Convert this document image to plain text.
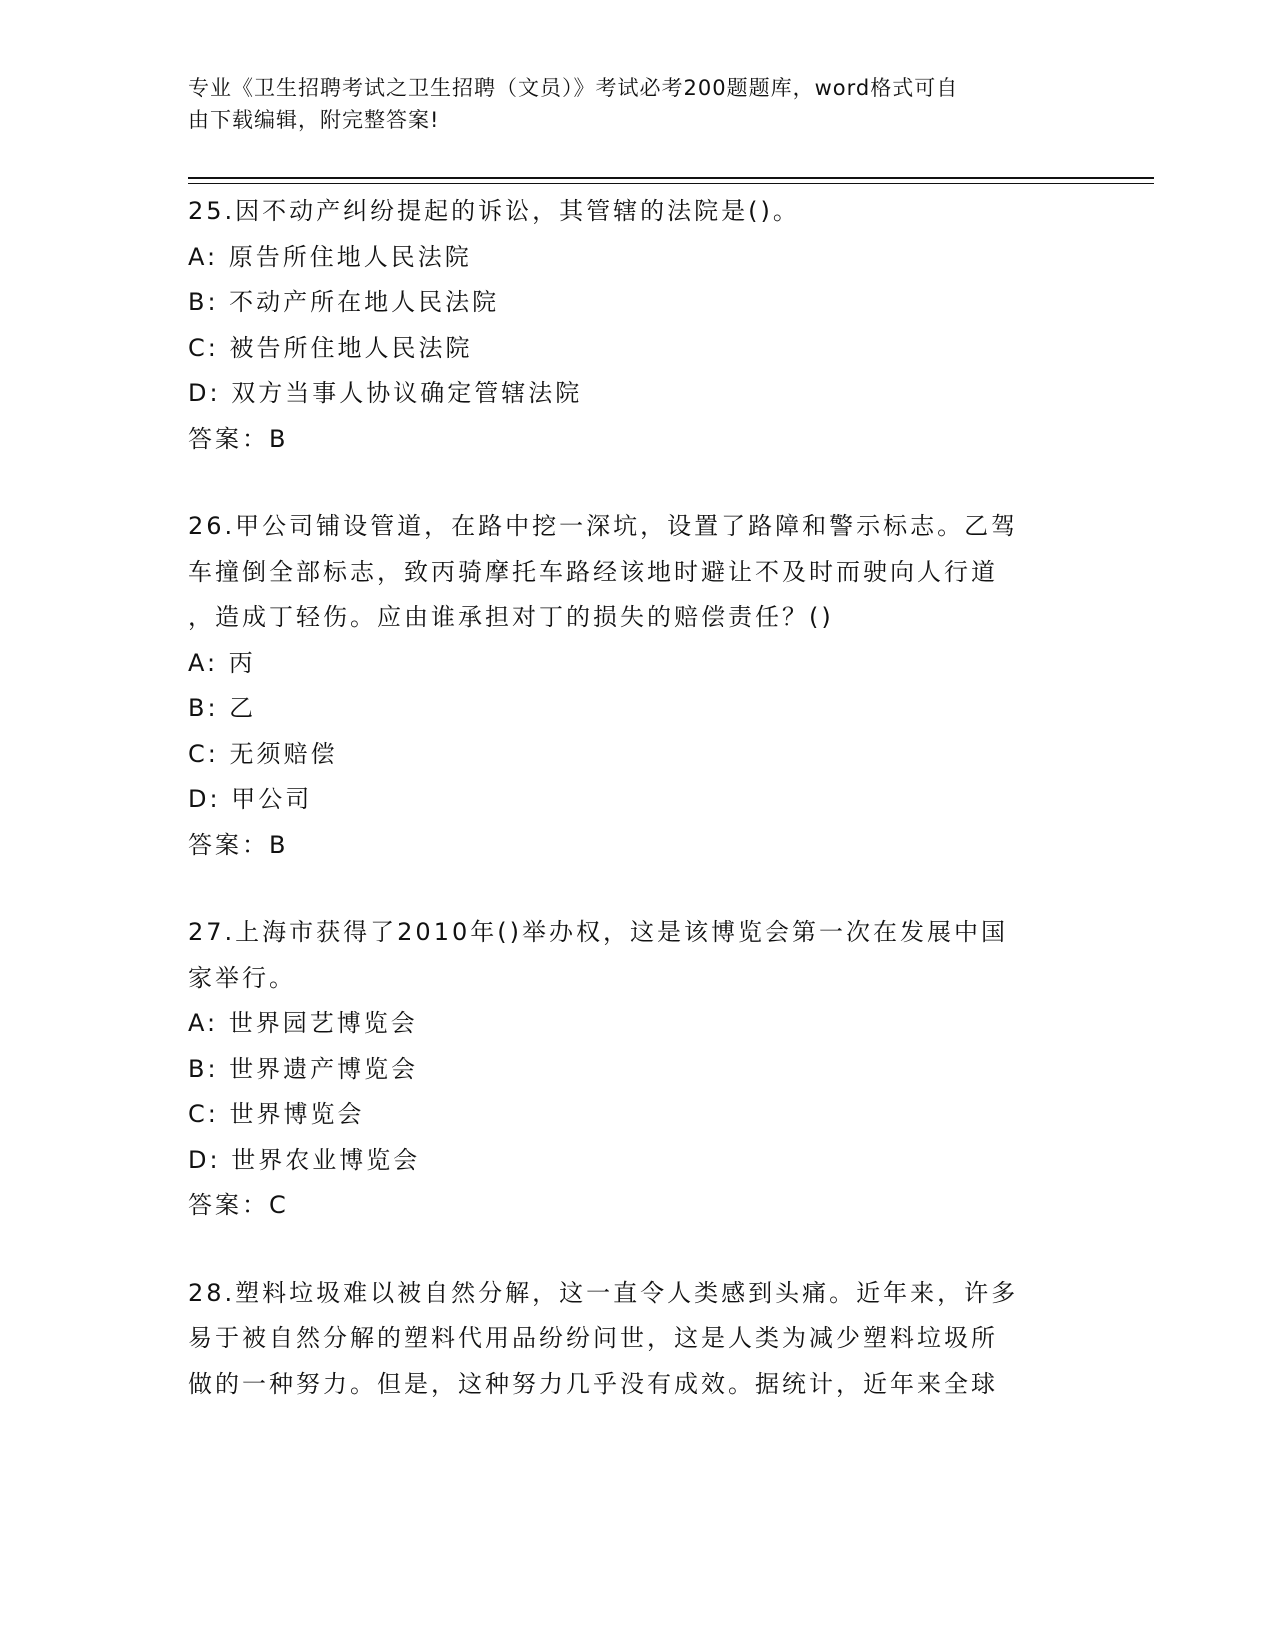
专业《卫生招聘考试之卫生招聘（文员）》考试必考200题题库，word格式可自
由下载编辑，附完整答案!
25.因不动产纠纷提起的诉讼，其管辖的法院是()。
A: 原告所住地人民法院
B: 不动产所在地人民法院
C: 被告所住地人民法院
D: 双方当事人协议确定管辖法院
答案：B
26.甲公司铺设管道，在路中挖一深坑，设置了路障和警示标志。乙驾
车撞倒全部标志，致丙骑摩托车路经该地时避让不及时而驶向人行道
，造成丁轻伤。应由谁承担对丁的损失的赔偿责任？()
A: 丙
B: 乙
C: 无须赔偿
D: 甲公司
答案：B
27.上海市获得了2010年()举办权，这是该博览会第一次在发展中国
家举行。
A: 世界园艺博览会
B: 世界遗产博览会
C: 世界博览会
D: 世界农业博览会
答案：C
28.塑料垃圾难以被自然分解，这一直令人类感到头痛。近年来，许多
易于被自然分解的塑料代用品纷纷问世，这是人类为减少塑料垃圾所
做的一种努力。但是，这种努力几乎没有成效。据统计，近年来全球
